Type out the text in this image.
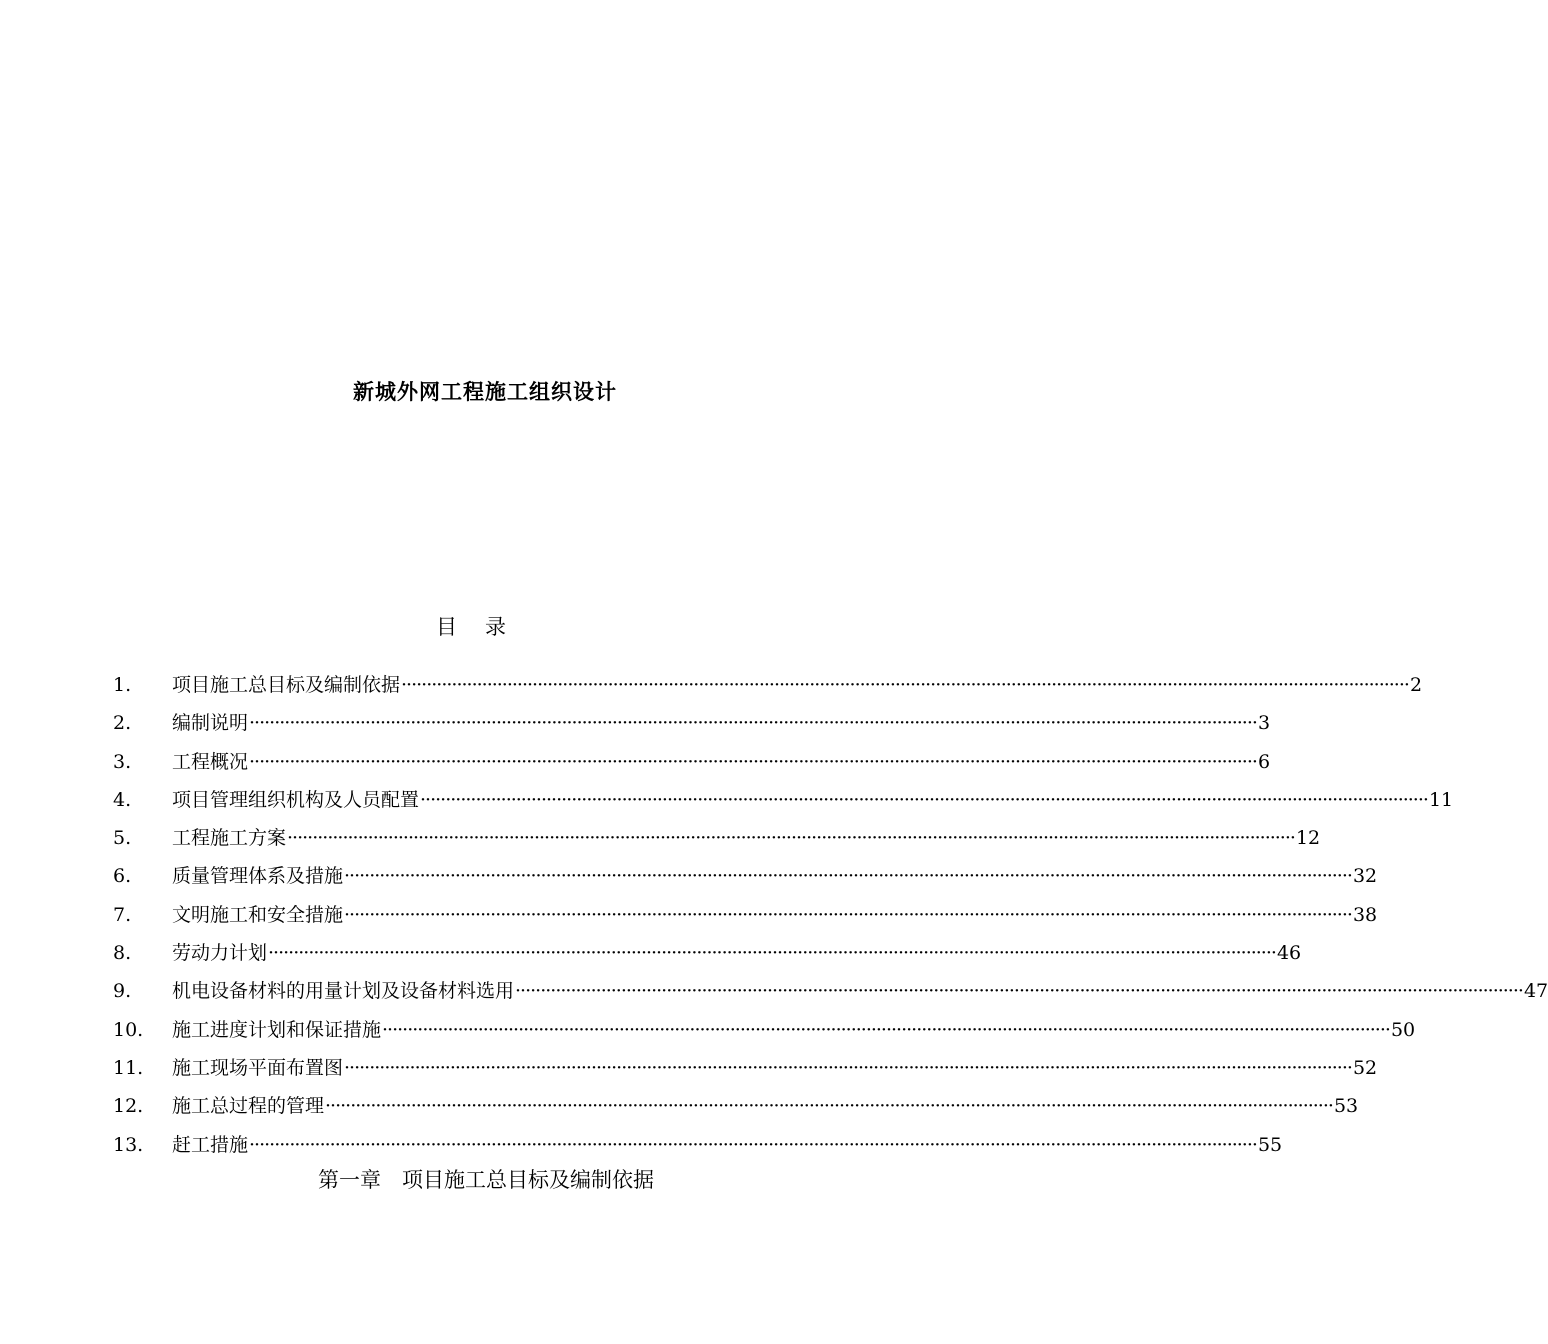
新城外网工程施工组织设计
目录
1.	项目施工总目标及编制依据 ········································································································································································································ 2
2.	编制说明 ········································································································································································································ 3
3.	工程概况 ········································································································································································································ 6
4.	项目管理组织机构及人员配置 ········································································································································································································ 11
5.	工程施工方案 ········································································································································································································ 12
6.	质量管理体系及措施 ········································································································································································································ 32
7.	文明施工和安全措施 ········································································································································································································ 38
8.	劳动力计划 ········································································································································································································ 46
9.	机电设备材料的用量计划及设备材料选用 ········································································································································································································ 47
10.	施工进度计划和保证措施 ········································································································································································································ 50
11.	施工现场平面布置图 ········································································································································································································ 52
12.	施工总过程的管理 ········································································································································································································ 53
13.	赶工措施 ········································································································································································································ 55
第一章　项目施工总目标及编制依据
